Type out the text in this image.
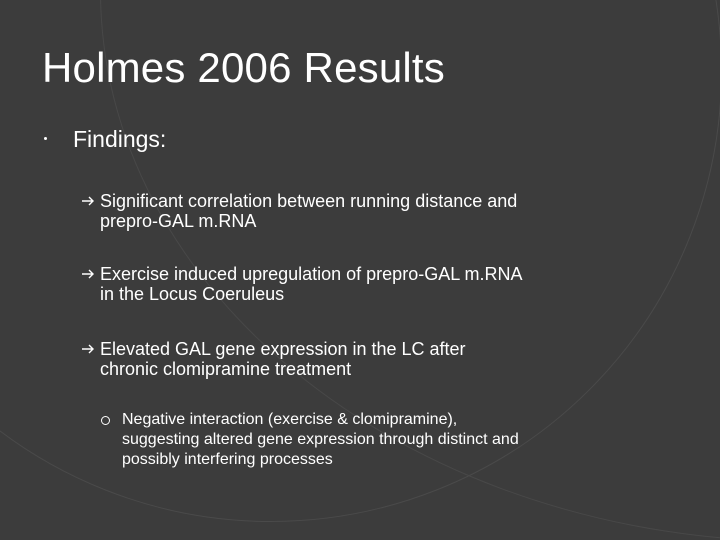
Holmes 2006 Results
Findings:
Significant correlation between running distance and
prepro-GAL m.RNA
Exercise induced upregulation of prepro-GAL m.RNA
in the Locus Coeruleus
Elevated GAL gene expression in the LC after
chronic clomipramine treatment
Negative interaction (exercise & clomipramine),
suggesting altered gene expression through distinct and
possibly interfering processes
